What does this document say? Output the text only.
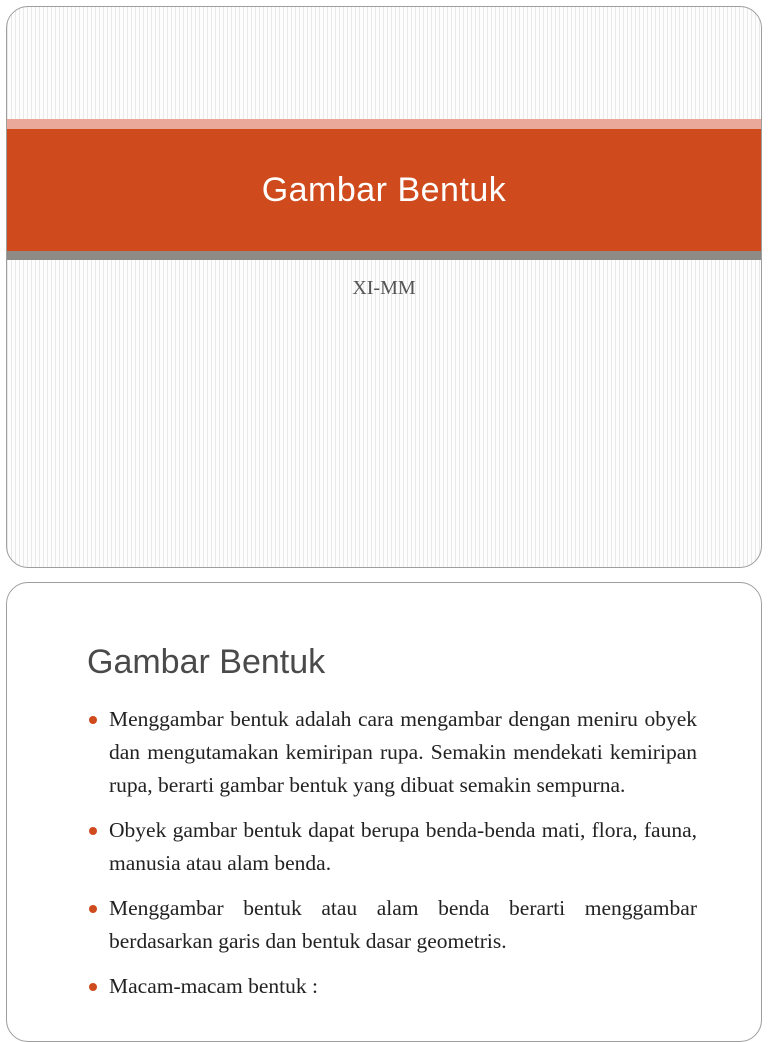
Gambar Bentuk
XI-MM
Gambar Bentuk
Menggambar bentuk adalah cara mengambar dengan meniru obyek dan mengutamakan kemiripan rupa. Semakin mendekati kemiripan rupa, berarti gambar bentuk yang dibuat semakin sempurna.
Obyek gambar bentuk dapat berupa benda-benda mati, flora, fauna, manusia atau alam benda.
Menggambar bentuk atau alam benda berarti menggambar berdasarkan garis dan bentuk dasar geometris.
Macam-macam bentuk :
